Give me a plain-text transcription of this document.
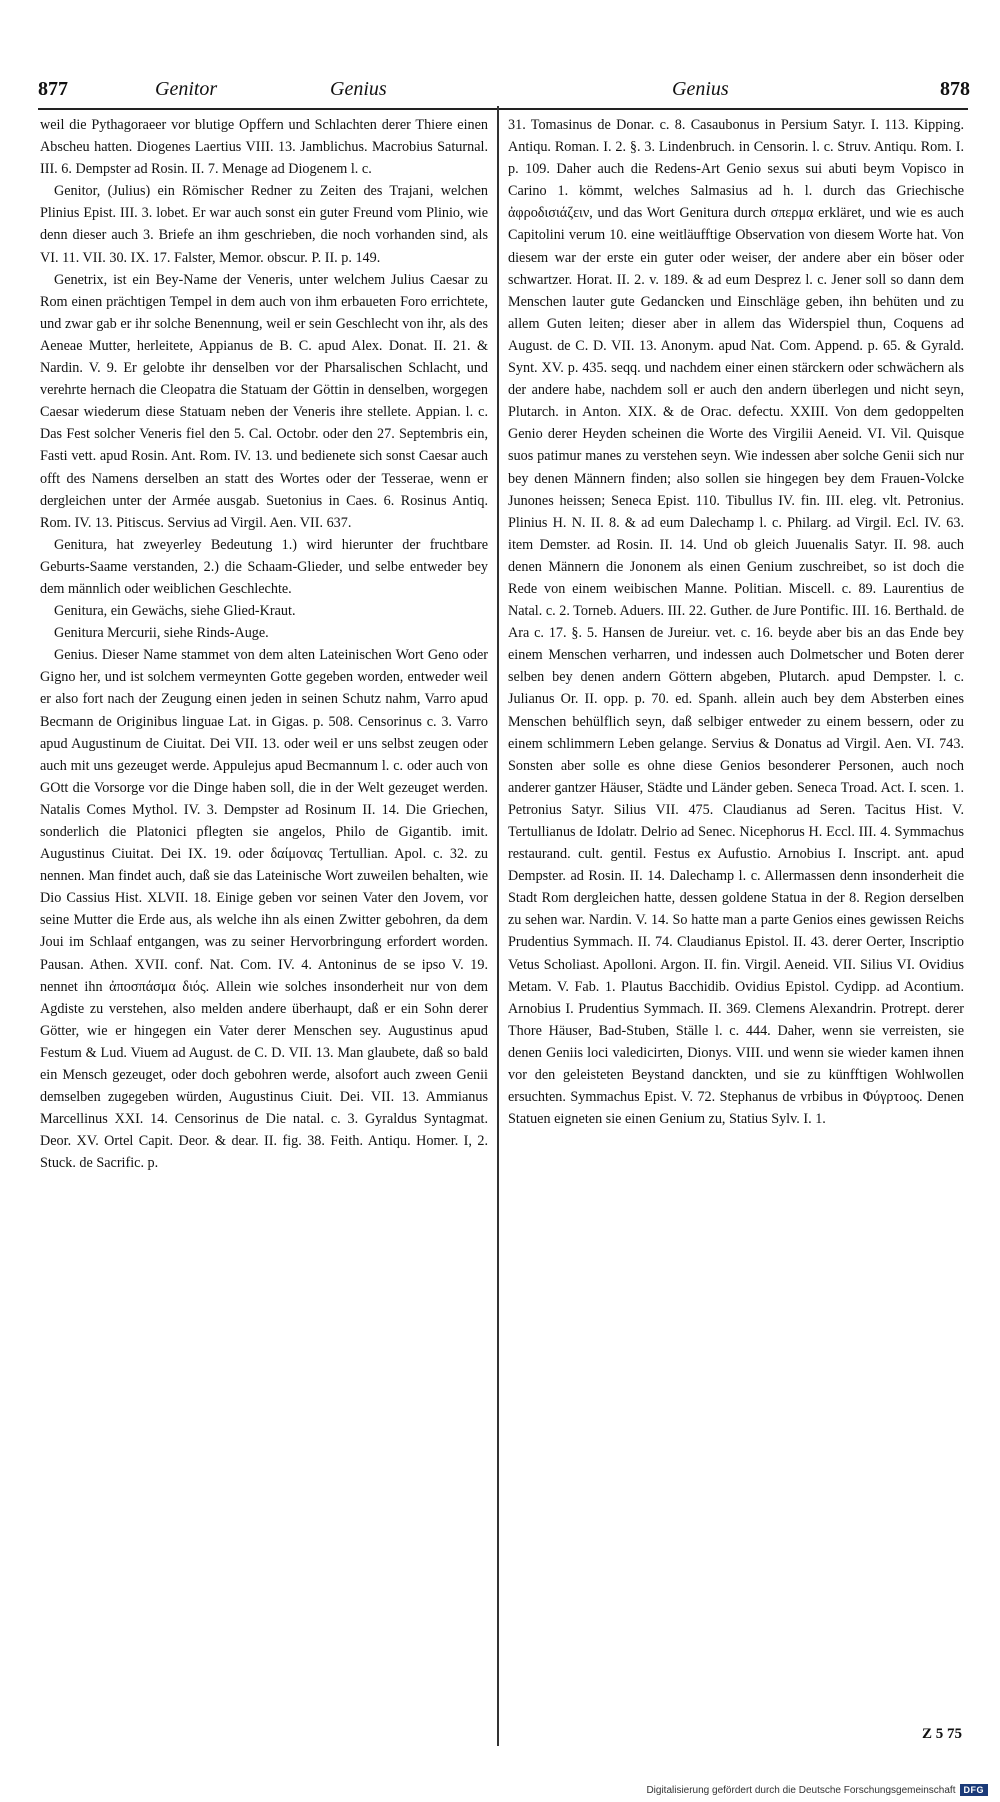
877	Genitor	Genius	Genius	878

weil die Pythagoraeer vor blutige Opffern und Schlachten derer Thiere einen Abscheu hatten. Diogenes Laertius VIII. 13. Jamblichus. Macrobius Saturnal. III. 6. Dempster ad Rosin. II. 7. Menage ad Diogenem l. c.

Genitor, (Julius) ein Römischer Redner zu Zeiten des Trajani, welchen Plinius Epist. III. 3. lobet. Er war auch sonst ein guter Freund vom Plinio, wie denn dieser auch 3. Briefe an ihm geschrieben, die noch vorhanden sind, als VI. 11. VII. 30. IX. 17. Falster, Memor. obscur. P. II. p. 149.

Genetrix, ist ein Bey-Name der Veneris, unter welchem Julius Caesar zu Rom einen prächtigen Tempel in dem auch von ihm erbaueten Foro errichtete, und zwar gab er ihr solche Benennung, weil er sein Geschlecht von ihr, als des Aeneae Mutter, herleitete, Appianus de B. C. apud Alex. Donat. II. 21. & Nardin. V. 9. Er gelobte ihr denselben vor der Pharsalischen Schlacht, und verehrte hernach die Cleopatra die Statuam der Göttin in denselben, worgegen Caesar wiederum diese Statuam neben der Veneris ihre stellete. Appian. l. c. Das Fest solcher Veneris fiel den 5. Cal. Octobr. oder den 27. Septembris ein, Fasti vett. apud Rosin. Ant. Rom. IV. 13. und bedienete sich sonst Caesar auch offt des Namens derselben an statt des Wortes oder der Tesserae, wenn er dergleichen unter der Armée ausgab. Suetonius in Caes. 6. Rosinus Antiq. Rom. IV. 13. Pitiscus. Servius ad Virgil. Aen. VII. 637.

Genitura, hat zweyerley Bedeutung 1.) wird hierunter der fruchtbare Geburts-Saame verstanden, 2.) die Schaam-Glieder, und selbe entweder bey dem männlich oder weiblichen Geschlechte.

Genitura, ein Gewächs, siehe Glied-Kraut.

Genitura Mercurii, siehe Rinds-Auge.

Genius. Dieser Name stammet von dem alten Lateinischen Wort Geno oder Gigno her, und ist solchem vermeynten Gotte gegeben worden, entweder weil er also fort nach der Zeugung einen jeden in seinen Schutz nahm, Varro apud Becmann de Originibus linguae Lat. in Gigas. p. 508. Censorinus c. 3. Varro apud Augustinum de Ciuitat. Dei VII. 13. oder weil er uns selbst zeugen oder auch mit uns gezeuget werde. Appulejus apud Becmannum l. c. oder auch von GOtt die Vorsorge vor die Dinge haben soll, die in der Welt gezeuget werden. Natalis Comes Mythol. IV. 3. Dempster ad Rosinum II. 14. Die Griechen, sonderlich die Platonici pflegten sie angelos, Philo de Gigantib. imit. Augustinus Ciuitat. Dei IX. 19. oder δαίμονας Tertullian. Apol. c. 32. zu nennen. Man findet auch, daß sie das Lateinische Wort zuweilen behalten, wie Dio Cassius Hist. XLVII. 18. Einige geben vor seinen Vater den Jovem, vor seine Mutter die Erde aus, als welche ihn als einen Zwitter gebohren, da dem Joui im Schlaaf entgangen, was zu seiner Hervorbringung erfordert worden. Pausan. Athen. XVII. conf. Nat. Com. IV. 4. Antoninus de se ipso V. 19. nennet ihn ἀποσπάσμα διός. Allein wie solches insonderheit nur von dem Agdiste zu verstehen, also melden andere überhaupt, daß er ein Sohn derer Götter, wie er hingegen ein Vater derer Menschen sey. Augustinus apud Festum & Lud. Viuem ad August. de C. D. VII. 13. Man glaubete, daß so bald ein Mensch gezeuget, oder doch gebohren werde, alsofort auch zween Genii demselben zugegeben würden, Augustinus Ciuit. Dei. VII. 13. Ammianus Marcellinus XXI. 14. Censorinus de Die natal. c. 3. Gyraldus Syntagmat. Deor. XV. Ortel Capit. Deor. & dear. II. fig. 38. Feith. Antiqu. Homer. I, 2. Stuck. de Sacrific. p.

31. Tomasinus de Donar. c. 8. Casaubonus in Persium Satyr. I. 113. Kipping. Antiqu. Roman. I. 2. §. 3. Lindenbruch. in Censorin. l. c. Struv. Antiqu. Rom. I. p. 109. Daher auch die Redens-Art Genio sexus sui abuti beym Vopisco in Carino 1. kömmt, welches Salmasius ad h. l. durch das Griechische ἀφροδισιάζειν, und das Wort Genitura durch σπερμα erkläret, und wie es auch Capitolini verum 10. eine weitläufftige Observation von diesem Worte hat. Von diesem war der erste ein guter oder weiser, der andere aber ein böser oder schwartzer. Horat. II. 2. v. 189. & ad eum Desprez l. c. Jener soll so dann dem Menschen lauter gute Gedancken und Einschläge geben, ihn behüten und zu allem Guten leiten; dieser aber in allem das Widerspiel thun, Coquens ad August. de C. D. VII. 13. Anonym. apud Nat. Com. Append. p. 65. & Gyrald. Synt. XV. p. 435. seqq. und nachdem einer einen stärckern oder schwächern als der andere habe, nachdem soll er auch den andern überlegen und nicht seyn, Plutarch. in Anton. XIX. & de Orac. defectu. XXIII. Von dem gedoppelten Genio derer Heyden scheinen die Worte des Virgilii Aeneid. VI. Vil. Quisque suos patimur manes zu verstehen seyn. Wie indessen aber solche Genii sich nur bey denen Männern finden; also sollen sie hingegen bey dem Frauen-Volcke Junones heissen; Seneca Epist. 110. Tibullus IV. fin. III. eleg. vlt. Petronius. Plinius H. N. II. 8. & ad eum Dalechamp l. c. Philarg. ad Virgil. Ecl. IV. 63. item Demster. ad Rosin. II. 14. Und ob gleich Juuenalis Satyr. II. 98. auch denen Männern die Jononem als einen Genium zuschreibet, so ist doch die Rede von einem weibischen Manne. Politian. Miscell. c. 89. Laurentius de Natal. c. 2. Torneb. Aduers. III. 22. Guther. de Jure Pontific. III. 16. Berthald. de Ara c. 17. §. 5. Hansen de Jureiur. vet. c. 16. beyde aber bis an das Ende bey einem Menschen verharren, und indessen auch Dolmetscher und Boten derer selben bey denen andern Göttern abgeben, Plutarch. apud Dempster. l. c. Julianus Or. II. opp. p. 70. ed. Spanh. allein auch bey dem Absterben eines Menschen behülflich seyn, daß selbiger entweder zu einem bessern, oder zu einem schlimmern Leben gelange. Servius & Donatus ad Virgil. Aen. VI. 743. Sonsten aber solle es ohne diese Genios besonderer Personen, auch noch anderer gantzer Häuser, Städte und Länder geben. Seneca Troad. Act. I. scen. 1. Petronius Satyr. Silius VII. 475. Claudianus ad Seren. Tacitus Hist. V. Tertullianus de Idolatr. Delrio ad Senec. Nicephorus H. Eccl. III. 4. Symmachus restaurand. cult. gentil. Festus ex Aufustio. Arnobius I. Inscript. ant. apud Dempster. ad Rosin. II. 14. Dalechamp l. c. Allermassen denn insonderheit die Stadt Rom dergleichen hatte, dessen goldene Statua in der 8. Region derselben zu sehen war. Nardin. V. 14. So hatte man a parte Genios eines gewissen Reichs Prudentius Symmach. II. 74. Claudianus Epistol. II. 43. derer Oerter, Inscriptio Vetus Scholiast. Apolloni. Argon. II. fin. Virgil. Aeneid. VII. Silius VI. Ovidius Metam. V. Fab. 1. Plautus Bacchidib. Ovidius Epistol. Cydipp. ad Acontium. Arnobius I. Prudentius Symmach. II. 369. Clemens Alexandrin. Protrept. derer Thore Häuser, Bad-Stuben, Ställe l. c. 444. Daher, wenn sie verreisten, sie denen Geniis loci valedicirten, Dionys. VIII. und wenn sie wieder kamen ihnen vor den geleisteten Beystand danckten, und sie zu künfftigen Wohlwollen ersuchten. Symmachus Epist. V. 72. Stephanus de vrbibus in Φύγρτοος. Denen Statuen eigneten sie einen Genium zu, Statius Sylv. I. 1.

Z 5 75
Digitalisierung gefördert durch die Deutsche Forschungsgemeinschaft DFG
